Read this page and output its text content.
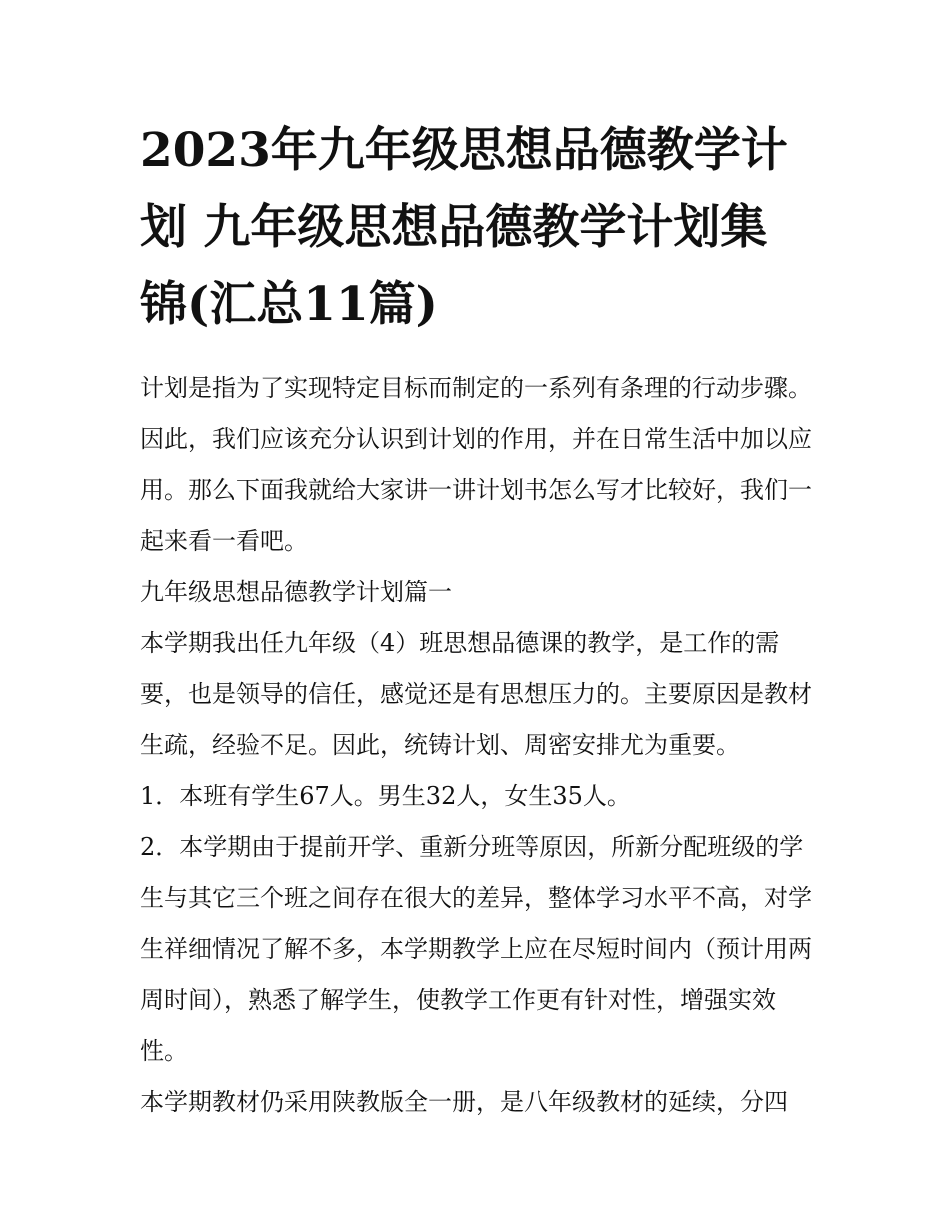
2023年九年级思想品德教学计划 九年级思想品德教学计划集锦(汇总11篇)

计划是指为了实现特定目标而制定的一系列有条理的行动步骤。因此，我们应该充分认识到计划的作用，并在日常生活中加以应用。那么下面我就给大家讲一讲计划书怎么写才比较好，我们一起来看一看吧。

九年级思想品德教学计划篇一

本学期我出任九年级（4）班思想品德课的教学，是工作的需要，也是领导的信任，感觉还是有思想压力的。主要原因是教材生疏，经验不足。因此，统铸计划、周密安排尤为重要。

1．本班有学生67人。男生32人，女生35人。

2．本学期由于提前开学、重新分班等原因，所新分配班级的学生与其它三个班之间存在很大的差异，整体学习水平不高，对学生祥细情况了解不多，本学期教学上应在尽短时间内（预计用两周时间），熟悉了解学生，使教学工作更有针对性，增强实效性。

本学期教材仍采用陕教版全一册，是八年级教材的延续，分四
